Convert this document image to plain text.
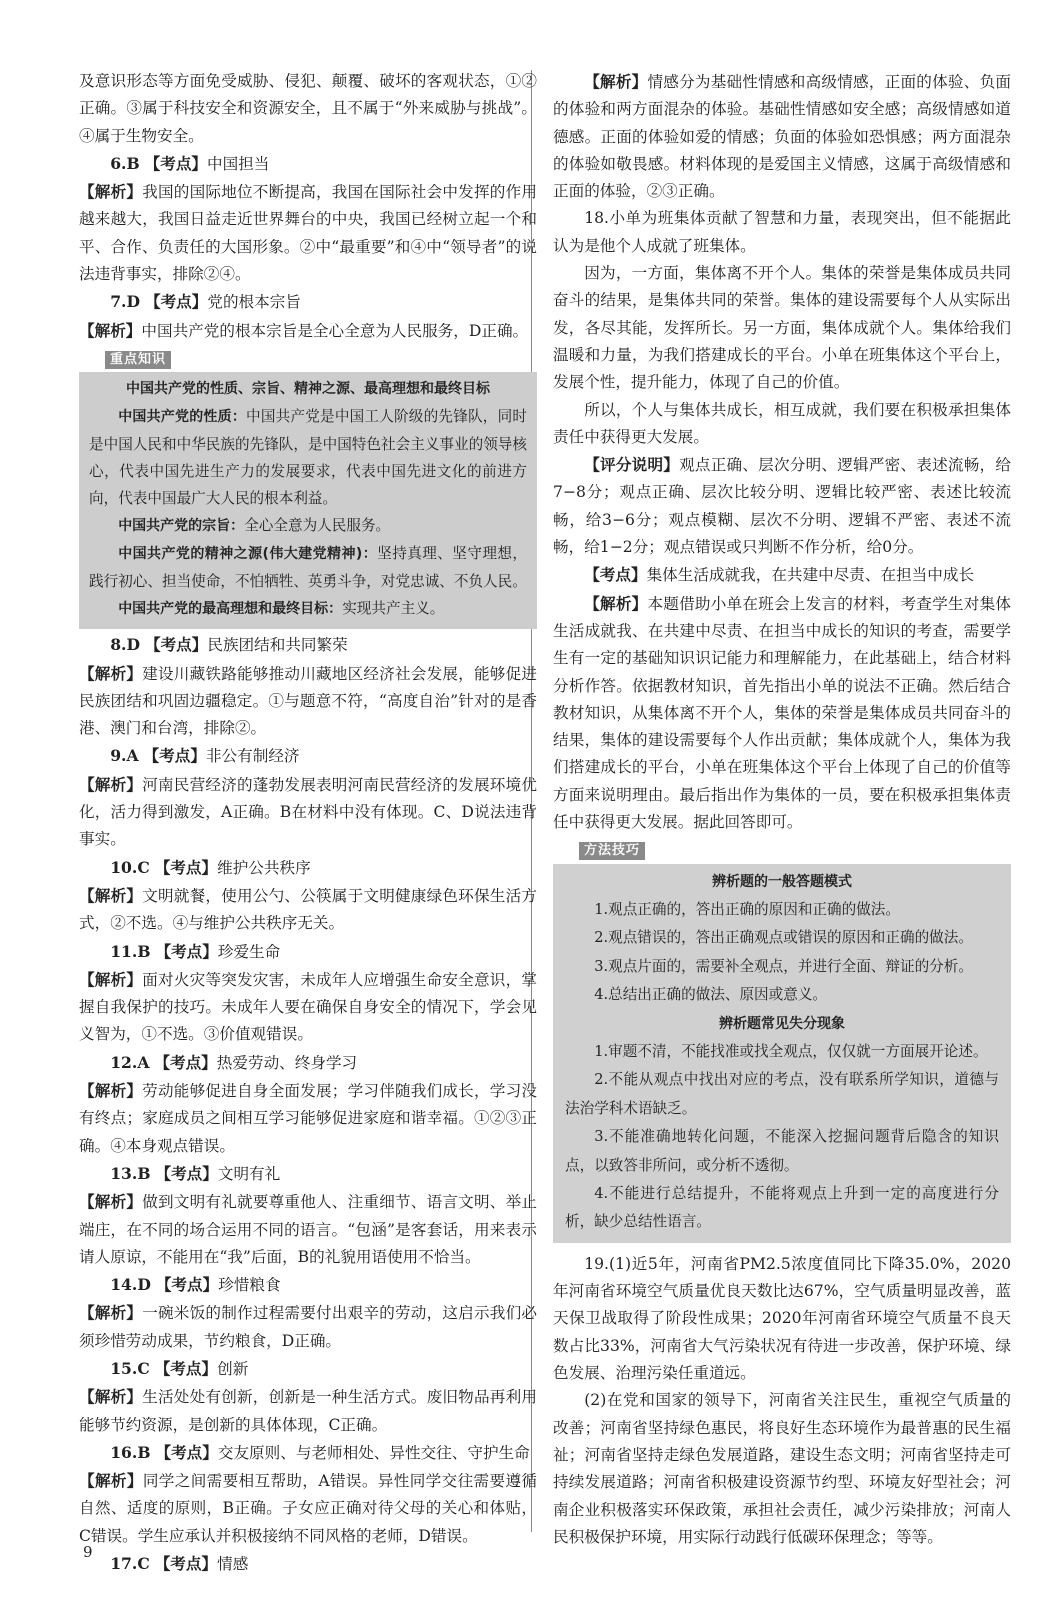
及意识形态等方面免受威胁、侵犯、颠覆、破坏的客观状态，①②正确。③属于科技安全和资源安全，且不属于“外来威胁与挑战”。④属于生物安全。

6.B 【考点】中国担当

【解析】我国的国际地位不断提高，我国在国际社会中发挥的作用越来越大，我国日益走近世界舞台的中央，我国已经树立起一个和平、合作、负责任的大国形象。②中“最重要”和④中“领导者”的说法违背事实，排除②④。

7.D 【考点】党的根本宗旨

【解析】中国共产党的根本宗旨是全心全意为人民服务，D正确。

重点知识
中国共产党的性质、宗旨、精神之源、最高理想和最终目标

中国共产党的性质：中国共产党是中国工人阶级的先锋队，同时是中国人民和中华民族的先锋队，是中国特色社会主义事业的领导核心，代表中国先进生产力的发展要求，代表中国先进文化的前进方向，代表中国最广大人民的根本利益。

中国共产党的宗旨：全心全意为人民服务。

中国共产党的精神之源(伟大建党精神)：坚持真理、坚守理想，践行初心、担当使命，不怕牺牲、英勇斗争，对党忠诚、不负人民。

中国共产党的最高理想和最终目标：实现共产主义。

8.D 【考点】民族团结和共同繁荣

【解析】建设川藏铁路能够推动川藏地区经济社会发展，能够促进民族团结和巩固边疆稳定。①与题意不符，“高度自治”针对的是香港、澳门和台湾，排除②。

9.A 【考点】非公有制经济

【解析】河南民营经济的蓬勃发展表明河南民营经济的发展环境优化，活力得到激发，A正确。B在材料中没有体现。C、D说法违背事实。

10.C 【考点】维护公共秩序

【解析】文明就餐，使用公勺、公筷属于文明健康绿色环保生活方式，②不选。④与维护公共秩序无关。

11.B 【考点】珍爱生命

【解析】面对火灾等突发灾害，未成年人应增强生命安全意识，掌握自我保护的技巧。未成年人要在确保自身安全的情况下，学会见义智为，①不选。③价值观错误。

12.A 【考点】热爱劳动、终身学习

【解析】劳动能够促进自身全面发展；学习伴随我们成长，学习没有终点；家庭成员之间相互学习能够促进家庭和谐幸福。①②③正确。④本身观点错误。

13.B 【考点】文明有礼

【解析】做到文明有礼就要尊重他人、注重细节、语言文明、举止端庄，在不同的场合运用不同的语言。“包涵”是客套话，用来表示请人原谅，不能用在“我”后面，B的礼貌用语使用不恰当。

14.D 【考点】珍惜粮食

【解析】一碗米饭的制作过程需要付出艰辛的劳动，这启示我们必须珍惜劳动成果，节约粮食，D正确。

15.C 【考点】创新

【解析】生活处处有创新，创新是一种生活方式。废旧物品再利用能够节约资源，是创新的具体体现，C正确。

16.B 【考点】交友原则、与老师相处、异性交往、守护生命

【解析】同学之间需要相互帮助，A错误。异性同学交往需要遵循自然、适度的原则，B正确。子女应正确对待父母的关心和体贴，C错误。学生应承认并积极接纳不同风格的老师，D错误。

17.C 【考点】情感

【解析】情感分为基础性情感和高级情感，正面的体验、负面的体验和两方面混杂的体验。基础性情感如安全感；高级情感如道德感。正面的体验如爱的情感；负面的体验如恐惧感；两方面混杂的体验如敬畏感。材料体现的是爱国主义情感，这属于高级情感和正面的体验，②③正确。

18.小单为班集体贡献了智慧和力量，表现突出，但不能据此认为是他个人成就了班集体。

因为，一方面，集体离不开个人。集体的荣誉是集体成员共同奋斗的结果，是集体共同的荣誉。集体的建设需要每个人从实际出发，各尽其能，发挥所长。另一方面，集体成就个人。集体给我们温暖和力量，为我们搭建成长的平台。小单在班集体这个平台上，发展个性，提升能力，体现了自己的价值。

所以，个人与集体共成长，相互成就，我们要在积极承担集体责任中获得更大发展。

【评分说明】观点正确、层次分明、逻辑严密、表述流畅，给7−8分；观点正确、层次比较分明、逻辑比较严密、表述比较流畅，给3−6分；观点模糊、层次不分明、逻辑不严密、表述不流畅，给1−2分；观点错误或只判断不作分析，给0分。

【考点】集体生活成就我，在共建中尽责、在担当中成长

【解析】本题借助小单在班会上发言的材料，考查学生对集体生活成就我、在共建中尽责、在担当中成长的知识的考查，需要学生有一定的基础知识识记能力和理解能力，在此基础上，结合材料分析作答。依据教材知识，首先指出小单的说法不正确。然后结合教材知识，从集体离不开个人，集体的荣誉是集体成员共同奋斗的结果，集体的建设需要每个人作出贡献；集体成就个人，集体为我们搭建成长的平台，小单在班集体这个平台上体现了自己的价值等方面来说明理由。最后指出作为集体的一员，要在积极承担集体责任中获得更大发展。据此回答即可。

方法技巧
辨析题的一般答题模式

1.观点正确的，答出正确的原因和正确的做法。

2.观点错误的，答出正确观点或错误的原因和正确的做法。

3.观点片面的，需要补全观点，并进行全面、辩证的分析。

4.总结出正确的做法、原因或意义。

辨析题常见失分现象

1.审题不清，不能找准或找全观点，仅仅就一方面展开论述。

2.不能从观点中找出对应的考点，没有联系所学知识，道德与法治学科术语缺乏。

3.不能准确地转化问题，不能深入挖掘问题背后隐含的知识点，以致答非所问，或分析不透彻。

4.不能进行总结提升，不能将观点上升到一定的高度进行分析，缺少总结性语言。

19.(1)近5年，河南省PM2.5浓度值同比下降35.0%，2020年河南省环境空气质量优良天数比达67%，空气质量明显改善，蓝天保卫战取得了阶段性成果；2020年河南省环境空气质量不良天数占比33%，河南省大气污染状况有待进一步改善，保护环境、绿色发展、治理污染任重道远。

(2)在党和国家的领导下，河南省关注民生，重视空气质量的改善；河南省坚持绿色惠民，将良好生态环境作为最普惠的民生福祉；河南省坚持走绿色发展道路，建设生态文明；河南省坚持走可持续发展道路；河南省积极建设资源节约型、环境友好型社会；河南企业积极落实环保政策，承担社会责任，减少污染排放；河南人民积极保护环境，用实际行动践行低碳环保理念；等等。

9
